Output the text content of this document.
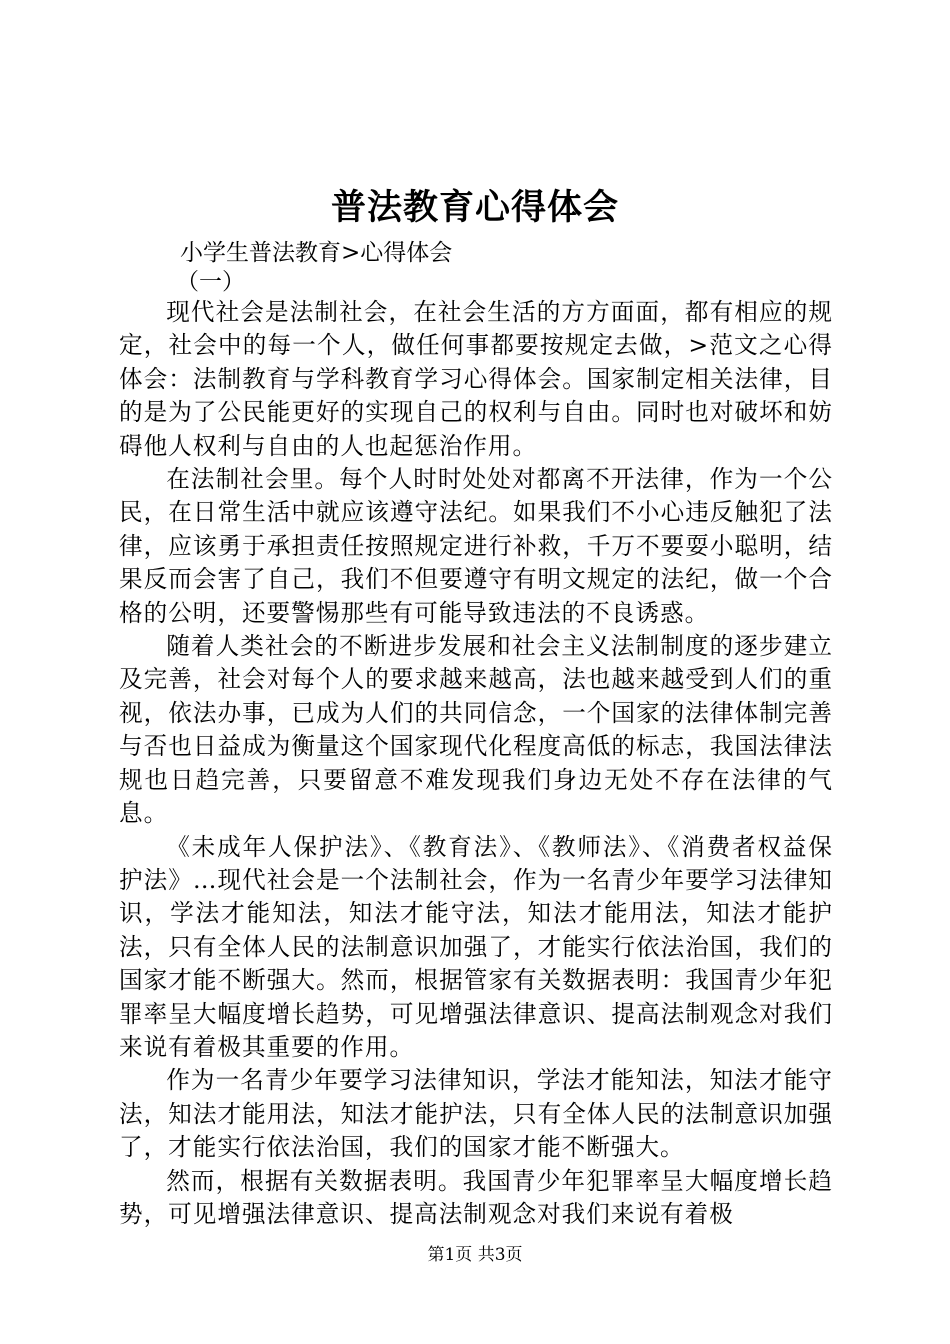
普法教育心得体会
小学生普法教育>心得体会
（一）

现代社会是法制社会，在社会生活的方方面面，都有相应的规定，社会中的每一个人，做任何事都要按规定去做，>范文之心得体会：法制教育与学科教育学习心得体会。国家制定相关法律，目的是为了公民能更好的实现自己的权利与自由。同时也对破坏和妨碍他人权利与自由的人也起惩治作用。

在法制社会里。每个人时时处处对都离不开法律，作为一个公民，在日常生活中就应该遵守法纪。如果我们不小心违反触犯了法律，应该勇于承担责任按照规定进行补救，千万不要耍小聪明，结果反而会害了自己，我们不但要遵守有明文规定的法纪，做一个合格的公明，还要警惕那些有可能导致违法的不良诱惑。

随着人类社会的不断进步发展和社会主义法制制度的逐步建立及完善，社会对每个人的要求越来越高，法也越来越受到人们的重视，依法办事，已成为人们的共同信念，一个国家的法律体制完善与否也日益成为衡量这个国家现代化程度高低的标志，我国法律法规也日趋完善，只要留意不难发现我们身边无处不存在法律的气息。

《未成年人保护法》、《教育法》、《教师法》、《消费者权益保护法》…现代社会是一个法制社会，作为一名青少年要学习法律知识，学法才能知法，知法才能守法，知法才能用法，知法才能护法，只有全体人民的法制意识加强了，才能实行依法治国，我们的国家才能不断强大。然而，根据管家有关数据表明：我国青少年犯罪率呈大幅度增长趋势，可见增强法律意识、提高法制观念对我们来说有着极其重要的作用。

作为一名青少年要学习法律知识，学法才能知法，知法才能守法，知法才能用法，知法才能护法，只有全体人民的法制意识加强了，才能实行依法治国，我们的国家才能不断强大。

然而，根据有关数据表明。我国青少年犯罪率呈大幅度增长趋势，可见增强法律意识、提高法制观念对我们来说有着极

第1页 共3页
